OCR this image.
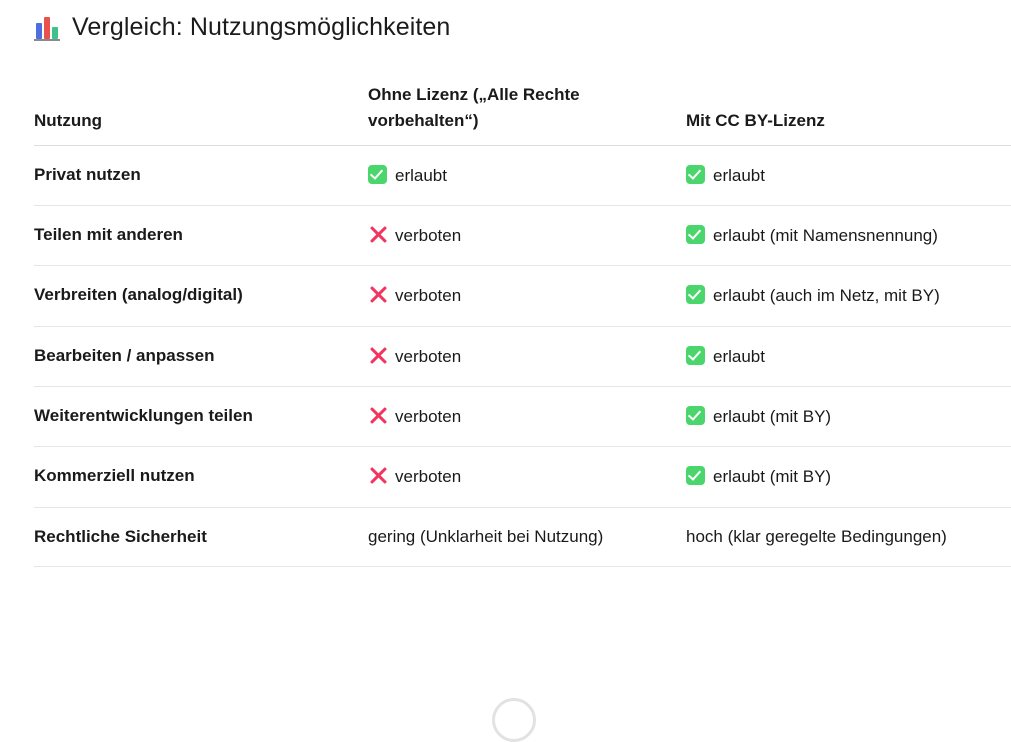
Vergleich: Nutzungsmöglichkeiten
Nutzung	Ohne Lizenz („Alle Rechte vorbehalten“)	Mit CC BY-Lizenz
Privat nutzen	erlaubt	erlaubt
Teilen mit anderen	verboten	erlaubt (mit Namensnennung)
Verbreiten (analog/digital)	verboten	erlaubt (auch im Netz, mit BY)
Bearbeiten / anpassen	verboten	erlaubt
Weiterentwicklungen teilen	verboten	erlaubt (mit BY)
Kommerziell nutzen	verboten	erlaubt (mit BY)
Rechtliche Sicherheit	gering (Unklarheit bei Nutzung)	hoch (klar geregelte Bedingungen)
